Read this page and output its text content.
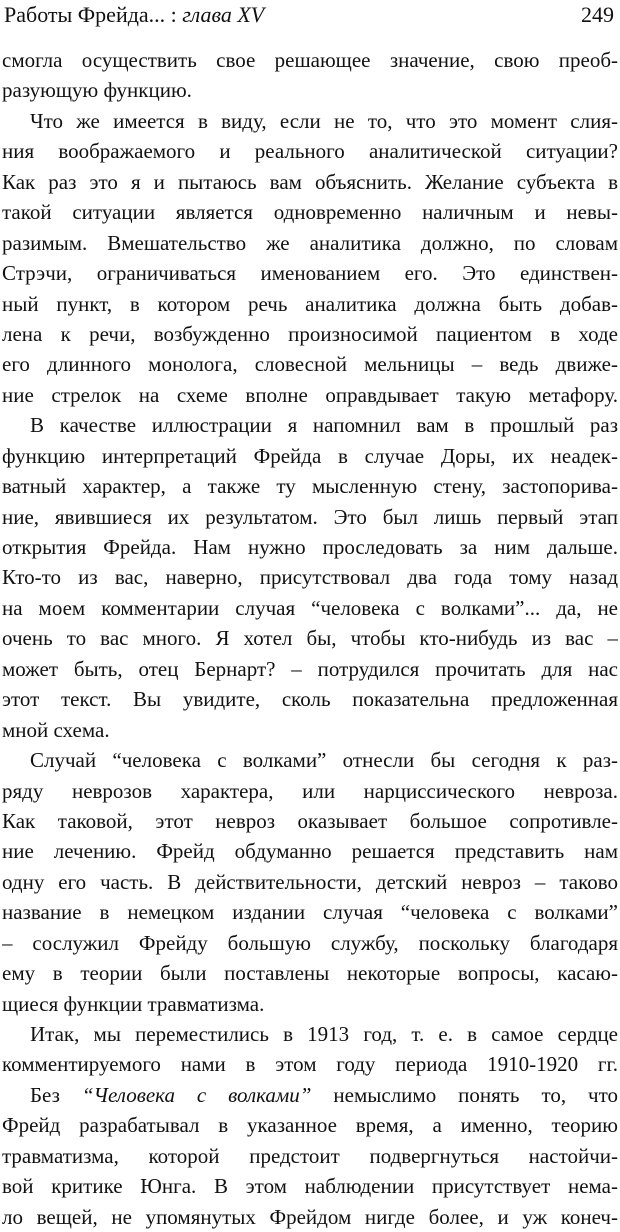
Работы Фрейда... : глава XV	249
смогла осуществить свое решающее значение, свою преоб-
разующую функцию.
Что же имеется в виду, если не то, что это момент слия-
ния воображаемого и реального аналитической ситуации?
Как раз это я и пытаюсь вам объяснить. Желание субъекта в
такой ситуации является одновременно наличным и невы-
разимым. Вмешательство же аналитика должно, по словам
Стрэчи, ограничиваться именованием его. Это единствен-
ный пункт, в котором речь аналитика должна быть добав-
лена к речи, возбужденно произносимой пациентом в ходе
его длинного монолога, словесной мельницы – ведь движе-
ние стрелок на схеме вполне оправдывает такую метафору.
В качестве иллюстрации я напомнил вам в прошлый раз
функцию интерпретаций Фрейда в случае Доры, их неадек-
ватный характер, а также ту мысленную стену, застопорива-
ние, явившиеся их результатом. Это был лишь первый этап
открытия Фрейда. Нам нужно проследовать за ним дальше.
Кто-то из вас, наверно, присутствовал два года тому назад
на моем комментарии случая “человека с волками”... да, не
очень то вас много. Я хотел бы, чтобы кто-нибудь из вас –
может быть, отец Бернарт? – потрудился прочитать для нас
этот текст. Вы увидите, сколь показательна предложенная
мной схема.
Случай “человека с волками” отнесли бы сегодня к раз-
ряду неврозов характера, или нарциссического невроза.
Как таковой, этот невроз оказывает большое сопротивле-
ние лечению. Фрейд обдуманно решается представить нам
одну его часть. В действительности, детский невроз – таково
название в немецком издании случая “человека с волками”
– сослужил Фрейду большую службу, поскольку благодаря
ему в теории были поставлены некоторые вопросы, касаю-
щиеся функции травматизма.
Итак, мы переместились в 1913 год, т. е. в самое сердце
комментируемого нами в этом году периода 1910-1920 гг.
Без “Человека с волками” немыслимо понять то, что
Фрейд разрабатывал в указанное время, а именно, теорию
травматизма, которой предстоит подвергнуться настойчи-
вой критике Юнга. В этом наблюдении присутствует нема-
ло вещей, не упомянутых Фрейдом нигде более, и уж конеч-
